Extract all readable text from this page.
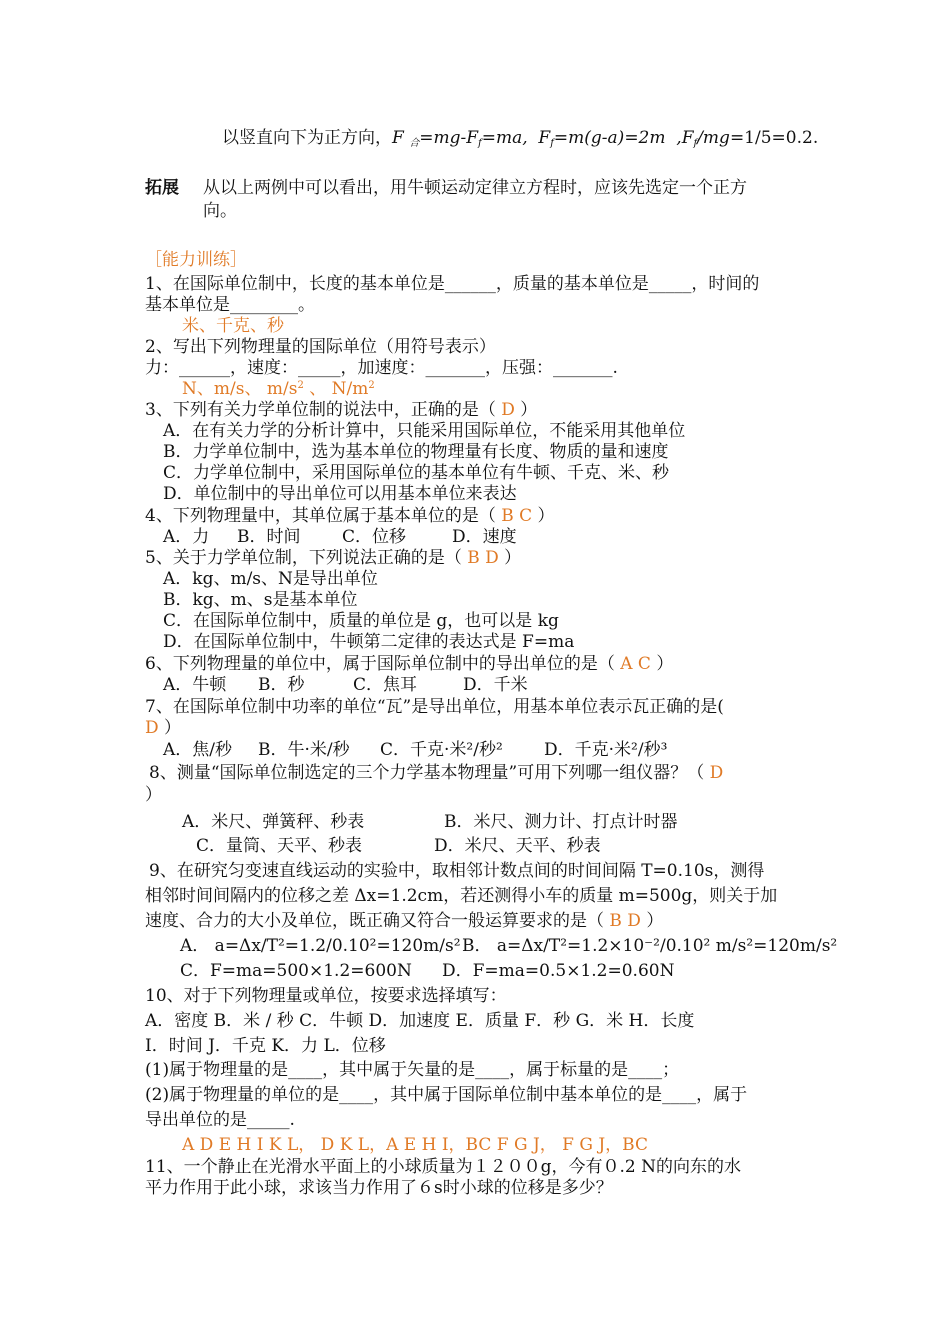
以竖直向下为正方向，F $_合=mg-F_f=ma$,  $F_f=m(g-a)=2m$  $,F_f/mg=1/5=0.2$.
拓展 从以上两例中可以看出，用牛顿运动定律立方程时，应该先选定一个正方
向。
［能力训练］
1、在国际单位制中，长度的基本单位是______，质量的基本单位是_____，时间的
基本单位是________。
米、千克、秒
2、写出下列物理量的国际单位（用符号表示）
力：______，速度：_____，加速度：_______，压强：_______.
N、m/s、 $m/s^2$ 、 $N/m^2$
3、下列有关力学单位制的说法中，正确的是（ D ）
A．在有关力学的分析计算中，只能采用国际单位，不能采用其他单位
B．力学单位制中，选为基本单位的物理量有长度、物质的量和速度
C．力学单位制中，采用国际单位的基本单位有牛顿、千克、米、秒
D．单位制中的导出单位可以用基本单位来表达
4、下列物理量中，其单位属于基本单位的是（ B C ）
A．力 B．时间 C．位移	D．速度
5、关于力学单位制，下列说法正确的是（ B D ）
A．kg、m/s、N是导出单位
B．kg、m、s是基本单位
C．在国际单位制中，质量的单位是 g，也可以是 kg
D．在国际单位制中，牛顿第二定律的表达式是 F=ma
6、下列物理量的单位中，属于国际单位制中的导出单位的是（ A C ）
A．牛顿 B．秒	C．焦耳	D．千米
7、在国际单位制中功率的单位“瓦”是导出单位，用基本单位表示瓦正确的是(
D ）
A．焦/秒 B．牛·米/秒 C．千克·米²/秒² D．千克·米²/秒³
8、测量“国际单位制选定的三个力学基本物理量”可用下列哪一组仪器？（ D
）
A．米尺、弹簧秤、秒表	B．米尺、测力计、打点计时器
C．量筒、天平、秒表	D．米尺、天平、秒表
9、在研究匀变速直线运动的实验中，取相邻计数点间的时间间隔 T=0.10s，测得
相邻时间间隔内的位移之差 Δx=1.2cm，若还测得小车的质量 m=500g，则关于加
速度、合力的大小及单位，既正确又符合一般运算要求的是（ B D ）
A． a=Δx/T²=1.2/0.10²=120m/s²B． a=Δx/T²=1.2×10⁻²/0.10² m/s²=120m/s²
C．F=ma=500×1.2=600N D．F=ma=0.5×1.2=0.60N
10、对于下列物理量或单位，按要求选择填写：
A．密度 B．米 / 秒 C．牛顿 D．加速度 E．质量 F．秒 G．米 H．长度
I．时间 J．千克 K．力 L．位移
(1)属于物理量的是____，其中属于矢量的是____，属于标量的是____；
(2)属于物理量的单位的是____，其中属于国际单位制中基本单位的是____，属于
导出单位的是_____.
A D E H I K L， D K L，A E H I，BC F G J， F G J，BC
11、一个静止在光滑水平面上的小球质量为１２００g，今有０.2 N的向东的水
平力作用于此小球，求该当力作用了６s时小球的位移是多少？
